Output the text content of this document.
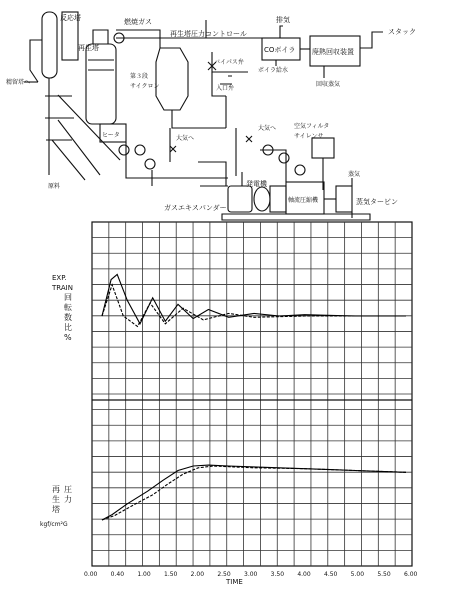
反応塔
再生塔
燃焼ガス
再生塔圧力コントロール
排気
スタック
COボイラ 廃熱回収装置
ボイラ給水
回収蒸気
第３段
サイクロン
バイパス弁
入口弁
精留塔へ
原料
ヒータ	大気へ
大気へ	空気フィルタ
サイレンサ
発電機
軸流圧縮機	蒸気タービン
蒸気
ガスエキスパンダー
EXP.
TRAIN
回
転
数
比
%
再
生
塔
圧
力
kgf/cm²G
TIME
0.00 0.40 1.00 1.50 2.00 2.50 3.00 3.50 4.00 4.50 5.00 5.50 6.00
